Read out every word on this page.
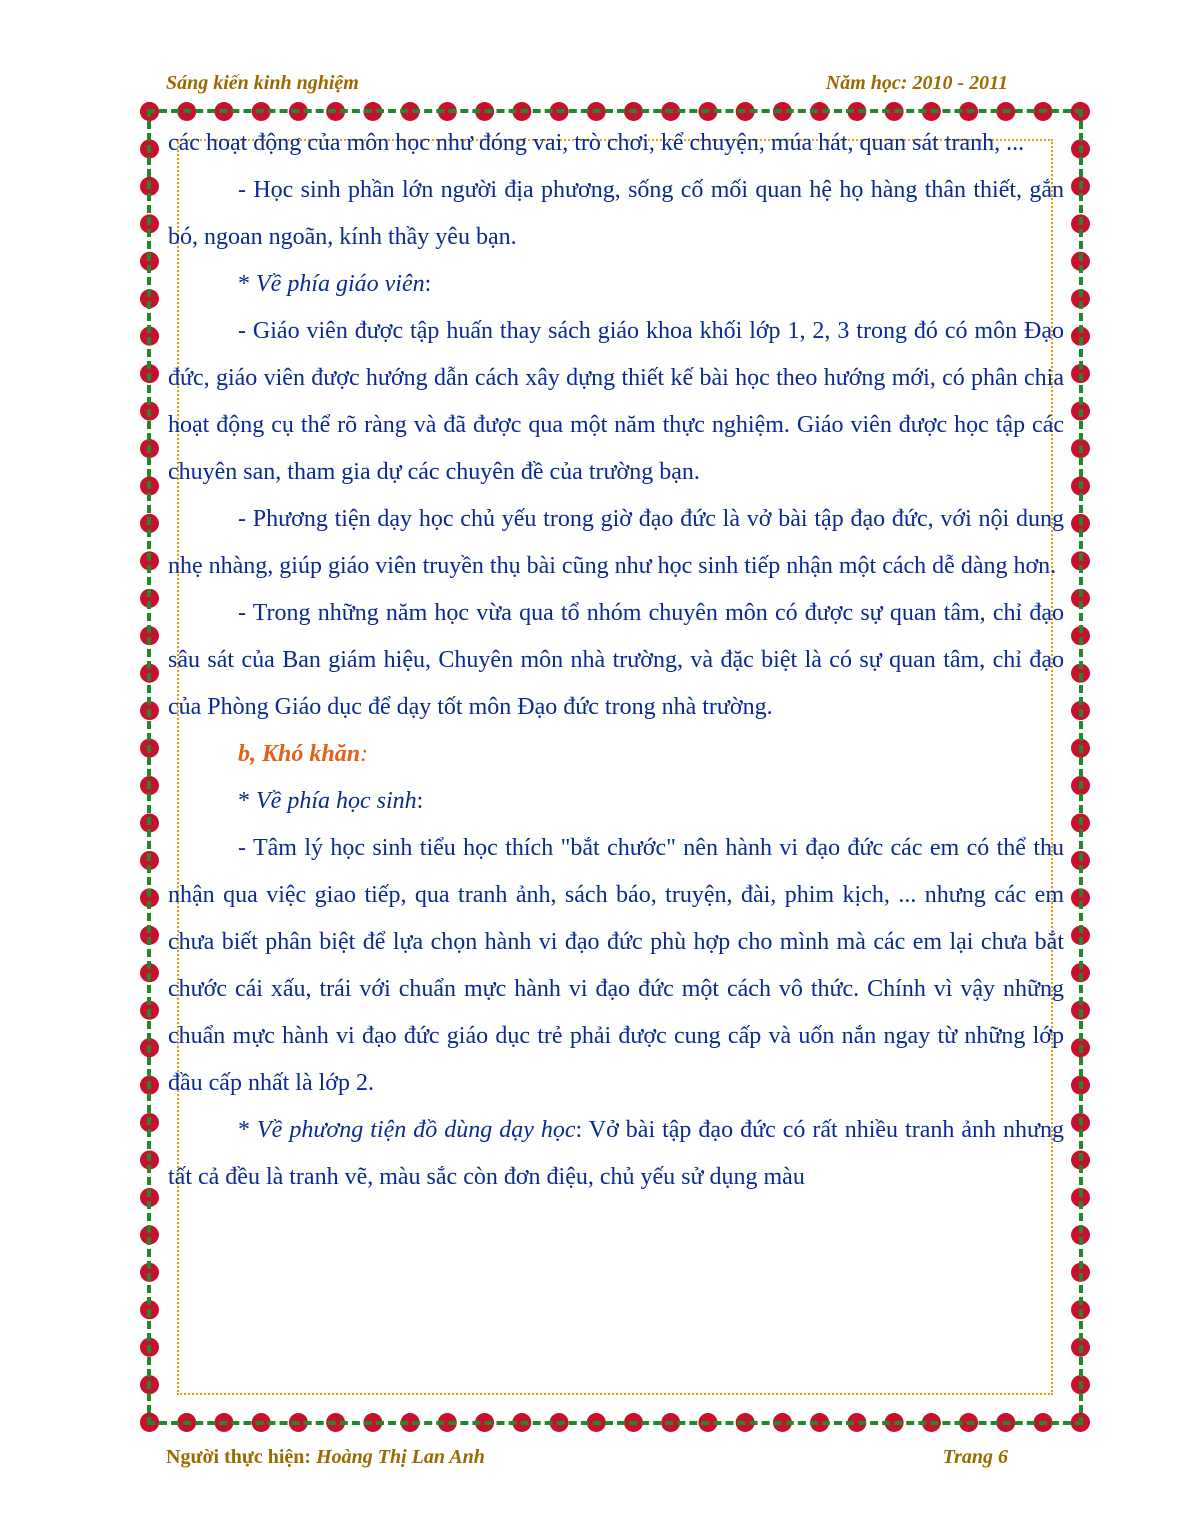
Sáng kiến kinh nghiệm	Năm học: 2010 - 2011

các hoạt động của môn học như đóng vai, trò chơi, kể chuyện, múa hát, quan sát tranh, ...

- Học sinh phần lớn người địa phương, sống cố mối quan hệ họ hàng thân thiết, gắn bó, ngoan ngoãn, kính thầy yêu bạn.

* Về phía giáo viên:

- Giáo viên được tập huấn thay sách giáo khoa khối lớp 1, 2, 3 trong đó có môn Đạo đức, giáo viên được hướng dẫn cách xây dựng thiết kế bài học theo hướng mới, có phân chia hoạt động cụ thể rõ ràng và đã được qua một năm thực nghiệm. Giáo viên được học tập các chuyên san, tham gia dự các chuyên đề của trường bạn.

- Phương tiện dạy học chủ yếu trong giờ đạo đức là vở bài tập đạo đức, với nội dung nhẹ nhàng, giúp giáo viên truyền thụ bài cũng như học sinh tiếp nhận một cách dễ dàng hơn.

- Trong những năm học vừa qua tổ nhóm chuyên môn có được sự quan tâm, chỉ đạo sâu sát của Ban giám hiệu, Chuyên môn nhà trường, và đặc biệt là có sự quan tâm, chỉ đạo của Phòng Giáo dục để dạy tốt môn Đạo đức trong nhà trường.

b, Khó khăn:

* Về phía học sinh:

- Tâm lý học sinh tiểu học thích "bắt chước" nên hành vi đạo đức các em có thể thu nhận qua việc giao tiếp, qua tranh ảnh, sách báo, truyện, đài, phim kịch, ... nhưng các em chưa biết phân biệt để lựa chọn hành vi đạo đức phù hợp cho mình mà các em lại chưa bắt chước cái xấu, trái với chuẩn mực hành vi đạo đức một cách vô thức. Chính vì vậy những chuẩn mực hành vi đạo đức giáo dục trẻ phải được cung cấp và uốn nắn ngay từ những lớp đầu cấp nhất là lớp 2.

* Về phương tiện đồ dùng dạy học: Vở bài tập đạo đức có rất nhiều tranh ảnh nhưng tất cả đều là tranh vẽ, màu sắc còn đơn điệu, chủ yếu sử dụng màu

Người thực hiện: Hoàng Thị Lan Anh	Trang 6
